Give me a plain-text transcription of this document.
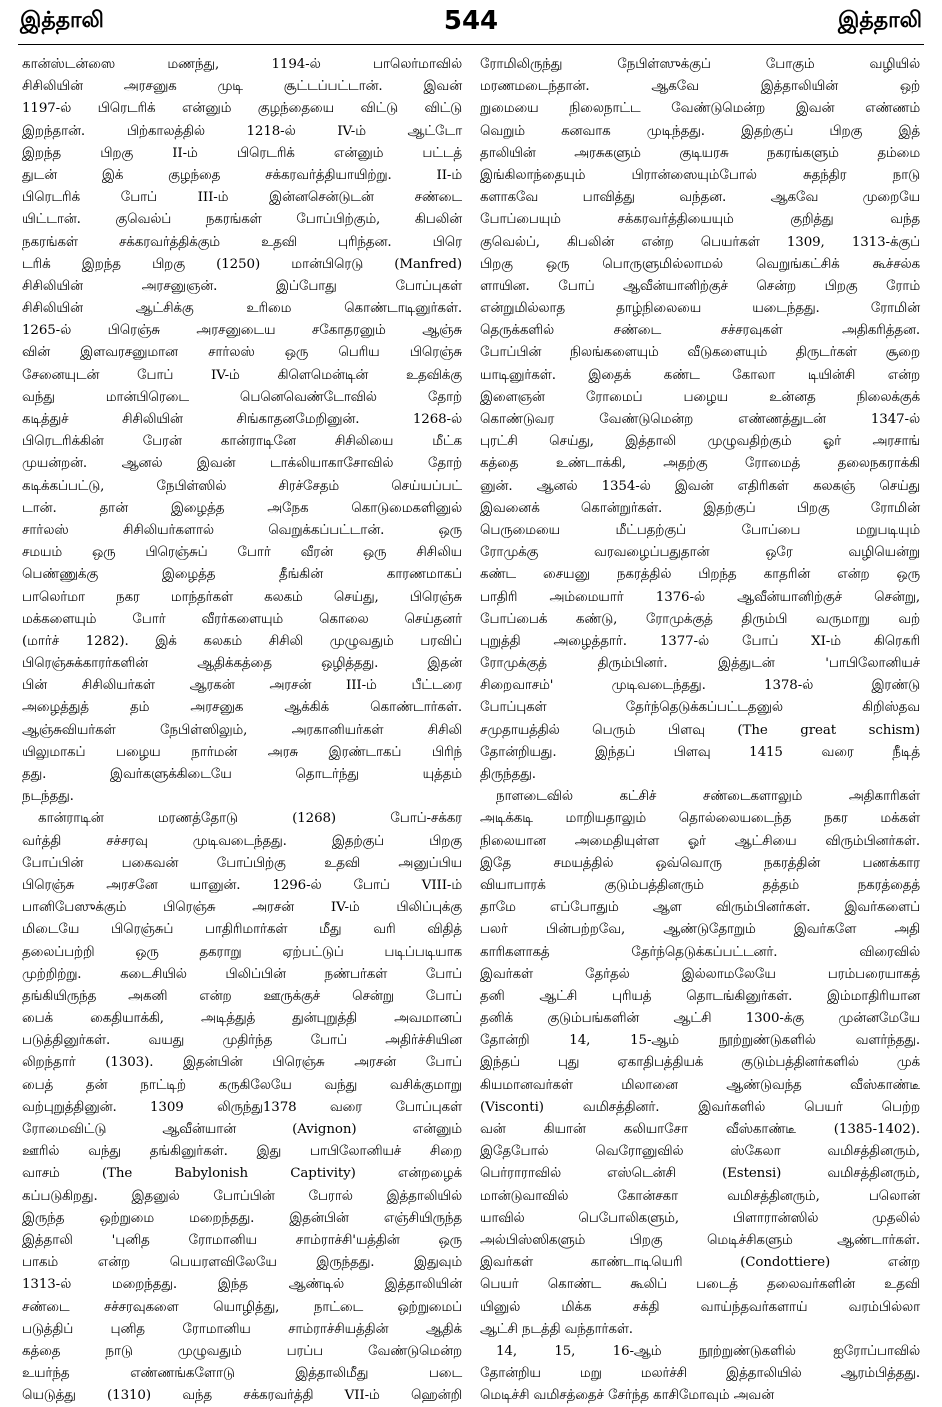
இத்தாலி	544	இத்தாலி
கான்ஸ்டன்ஸை மணந்து, 1194-ல் பாலெர்மாவில்
சிசிலியின் அரசனுக முடி சூட்டப்பட்டான். இவன்
1197-ல் பிரெடரிக் என்னும் குழந்தையை விட்டு விட்டு
இறந்தான். பிற்காலத்தில் 1218-ல் IV-ம் ஆட்டோ
இறந்த பிறகு II-ம் பிரெடரிக் என்னும் பட்டத்
துடன் இக் குழந்தை சக்கரவர்த்தியாயிற்று. II-ம்
பிரெடரிக் போப் III-ம் இன்னசென்டுடன் சண்டை
யிட்டான். குவெல்ப் நகரங்கள் போப்பிற்கும், கிபலின்
நகரங்கள் சக்கரவர்த்திக்கும் உதவி புரிந்தன. பிரெ
டரிக் இறந்த பிறகு (1250) மான்பிரெடு (Manfred)
சிசிலியின் அரசனுஞன். இப்போது போப்புகள்
சிசிலியின் ஆட்சிக்கு உரிமை கொண்டாடினுர்கள்.
1265-ல் பிரெஞ்சு அரசனுடைய சகோதரனும் ஆஞ்சு
வின் இளவரசனுமான சார்லஸ் ஒரு பெரிய பிரெஞ்சு
சேனையுடன் போப் IV-ம் கிளெமென்டின் உதவிக்கு
வந்து மான்பிரெடை பெனெவெண்டோவில் தோற்
கடித்துச் சிசிலியின் சிங்காதனமேறினுன். 1268-ல்
பிரெடரிக்கின் பேரன் கான்ராடினே சிசிலியை மீட்க
முயன்றன். ஆனல் இவன் டாக்லியாகாசோவில் தோற்
கடிக்கப்பட்டு, நேபிள்ஸில் சிரச்சேதம் செய்யப்பட்
டான். தான் இழைத்த அநேக கொடுமைகளினுல்
சார்லஸ் சிசிலியர்களால் வெறுக்கப்பட்டான். ஒரு
சமயம் ஒரு பிரெஞ்சுப் போர் வீரன் ஒரு சிசிலிய
பெண்ணுக்கு இழைத்த தீங்கின் காரணமாகப்
பாலெர்மா நகர மாந்தர்கள் கலகம் செய்து, பிரெஞ்சு
மக்களையும் போர் வீரர்களையும் கொலை செய்தனர்
(மார்ச் 1282). இக் கலகம் சிசிலி முழுவதும் பரவிப்
பிரெஞ்சுக்காரர்களின் ஆதிக்கத்தை ஒழித்தது. இதன்
பின் சிசிலியர்கள் ஆரகன் அரசன் III-ம் பீட்டரை
அழைத்துத் தம் அரசனுக ஆக்கிக் கொண்டார்கள்.
ஆஞ்சுவியர்கள் நேபிள்ஸிலும், அரகானியர்கள் சிசிலி
யிலுமாகப் பழைய நார்மன் அரசு இரண்டாகப் பிரிந்
தது. இவர்களுக்கிடையே தொடர்ந்து யுத்தம்
நடந்தது.
கான்ராடின் மரணத்தோடு (1268) போப்-சக்கர
வர்த்தி சச்சரவு முடிவடைந்தது. இதற்குப் பிறகு
போப்பின் பகைவன் போப்பிற்கு உதவி அனுப்பிய
பிரெஞ்சு அரசனே யானுன். 1296-ல் போப் VIII-ம்
பானிபேஸுக்கும் பிரெஞ்சு அரசன் IV-ம் பிலிப்புக்கு
மிடையே பிரெஞ்சுப் பாதிரிமார்கள் மீது வரி விதித்
தலைப்பற்றி ஒரு தகராறு ஏற்பட்டுப் படிப்படியாக
முற்றிற்று. கடைசியில் பிலிப்பின் நண்பர்கள் போப்
தங்கியிருந்த அகனி என்ற ஊருக்குச் சென்று போப்
பைக் கைதியாக்கி, அடித்துத் துன்புறுத்தி அவமானப்
படுத்தினுர்கள். வயது முதிர்ந்த போப் அதிர்ச்சியின
லிறந்தார் (1303). இதன்பின் பிரெஞ்சு அரசன் போப்
பைத் தன் நாட்டிற் கருகிலேயே வந்து வசிக்குமாறு
வற்புறுத்தினுன். 1309 லிருந்து1378 வரை போப்புகள்
ரோமைவிட்டு ஆவீன்யான் (Avignon) என்னும்
ஊரில் வந்து தங்கினுர்கள். இது பாபிலோனியச் சிறை
வாசம் (The Babylonish Captivity) என்றழைக்
கப்படுகிறது. இதனுல் போப்பின் பேரால் இத்தாலியில்
இருந்த ஒற்றுமை மறைந்தது. இதன்பின் எஞ்சியிருந்த
இத்தாலி 'புனித ரோமானிய சாம்ராச்சி'யத்தின் ஒரு
பாகம் என்ற பெயரளவிலேயே இருந்தது. இதுவும்
1313-ல் மறைந்தது. இந்த ஆண்டில் இத்தாலியின்
சண்டை சச்சரவுகளை யொழித்து, நாட்டை ஒற்றுமைப்
படுத்திப் புனித ரோமானிய சாம்ராச்சியத்தின் ஆதிக்
கத்தை நாடு முழுவதும் பரப்ப வேண்டுமென்ற
உயர்ந்த எண்ணங்களோடு இத்தாலிமீது படை
யெடுத்து (1310) வந்த சக்கரவர்த்தி VII-ம் ஹென்றி
ரோமிலிருந்து நேபிள்ஸுக்குப் போகும் வழியில்
மரணமடைந்தான். ஆகவே இத்தாலியின் ஒற்
றுமையை நிலைநாட்ட வேண்டுமென்ற இவன் எண்ணம்
வெறும் கனவாக முடிந்தது. இதற்குப் பிறகு இத்
தாலியின் அரசுகளும் குடியரசு நகரங்களும் தம்மை
இங்கிலாந்தையும் பிரான்ஸையும்போல் சுதந்திர நாடு
களாகவே பாவித்து வந்தன. ஆகவே முறையே
போப்பையும் சக்கரவர்த்தியையும் குறித்து வந்த
குவெல்ப், கிபலின் என்ற பெயர்கள் 1309, 1313-க்குப்
பிறகு ஒரு பொருளுமில்லாமல் வெறுங்கட்சிக் கூச்சல்க
ளாயின. போப் ஆவீன்யானிற்குச் சென்ற பிறகு ரோம்
என்றுமில்லாத தாழ்நிலையை யடைந்தது. ரோமின்
தெருக்களில் சண்டை சச்சரவுகள் அதிகரித்தன.
போப்பின் நிலங்களையும் வீடுகளையும் திருடர்கள் சூறை
யாடினுர்கள். இதைக் கண்ட கோலா டியின்சி என்ற
இளைஞன் ரோமைப் பழைய உன்னத நிலைக்குக்
கொண்டுவர வேண்டுமென்ற எண்ணத்துடன் 1347-ல்
புரட்சி செய்து, இத்தாலி முழுவதிற்கும் ஓர் அரசாங்
கத்தை உண்டாக்கி, அதற்கு ரோமைத் தலைநகராக்கி
னுன். ஆனல் 1354-ல் இவன் எதிரிகள் கலகஞ் செய்து
இவனைக் கொன்றுர்கள். இதற்குப் பிறகு ரோமின்
பெருமையை மீட்பதற்குப் போப்பை மறுபடியும்
ரோமுக்கு வரவழைப்பதுதான் ஒரே வழியென்று
கண்ட சையனு நகரத்தில் பிறந்த காதரின் என்ற ஒரு
பாதிரி அம்மையார் 1376-ல் ஆவீன்யானிற்குச் சென்று,
போப்பைக் கண்டு, ரோமுக்குத் திரும்பி வருமாறு வற்
புறுத்தி அழைத்தார். 1377-ல் போப் XI-ம் கிரெகரி
ரோமுக்குத் திரும்பினர். இத்துடன் 'பாபிலோனியச்
சிறைவாசம்' முடிவடைந்தது. 1378-ல் இரண்டு
போப்புகள் தேர்ந்தெடுக்கப்பட்டதனுல் கிறிஸ்தவ
சமுதாயத்தில் பெரும் பிளவு (The great schism)
தோன்றியது. இந்தப் பிளவு 1415 வரை நீடித்
திருந்தது.
நாளடைவில் கட்சிச் சண்டைகளாலும் அதிகாரிகள்
அடிக்கடி மாறியதாலும் தொல்லையடைந்த நகர மக்கள்
நிலையான அமைதியுள்ள ஓர் ஆட்சியை விரும்பினர்கள்.
இதே சமயத்தில் ஒவ்வொரு நகரத்தின் பணக்கார
வியாபாரக் குடும்பத்தினரும் தத்தம் நகரத்தைத்
தாமே எப்போதும் ஆள விரும்பினர்கள். இவர்களைப்
பலர் பின்பற்றவே, ஆண்டுதோறும் இவர்களே அதி
காரிகளாகத் தேர்ந்தெடுக்கப்பட்டனர். விரைவில்
இவர்கள் தேர்தல் இல்லாமலேயே பரம்பரையாகத்
தனி ஆட்சி புரியத் தொடங்கினுர்கள். இம்மாதிரியான
தனிக் குடும்பங்களின் ஆட்சி 1300-க்கு முன்னமேயே
தோன்றி 14, 15-ஆம் நூற்றுண்டுகளில் வளர்ந்தது.
இந்தப் புது ஏகாதிபத்தியக் குடும்பத்தினர்களில் முக்
கியமானவர்கள் மிலானை ஆண்டுவந்த வீஸ்காண்டீ
(Visconti) வமிசத்தினர். இவர்களில் பெயர் பெற்ற
வன் கியான் கலியாசோ வீஸ்காண்டீ (1385-1402).
இதேபோல் வெரோனுவில் ஸ்கேலா வமிசத்தினரும்,
பெர்ராராவில் எஸ்டென்சி (Estensi) வமிசத்தினரும்,
மான்டுவாவில் கோன்சகா வமிசத்தினரும், பலொன்
யாவில் பெபோலிகளும், பிளாரான்ஸில் முதலில்
அல்பிஸ்ஸிகளும் பிறகு மெடிச்சிகளும் ஆண்டார்கள்.
இவர்கள் காண்டாடியெரி (Condottiere) என்ற
பெயர் கொண்ட கூலிப் படைத் தலைவர்களின் உதவி
யினுல் மிக்க சக்தி வாய்ந்தவர்களாய் வரம்பில்லா
ஆட்சி நடத்தி வந்தார்கள்.
14, 15, 16-ஆம் நூற்றுண்டுகளில் ஐரோப்பாவில்
தோன்றிய மறு மலர்ச்சி இத்தாலியில் ஆரம்பித்தது.
மெடிச்சி வமிசத்தைச் சேர்ந்த காசிமோவும் அவன்
